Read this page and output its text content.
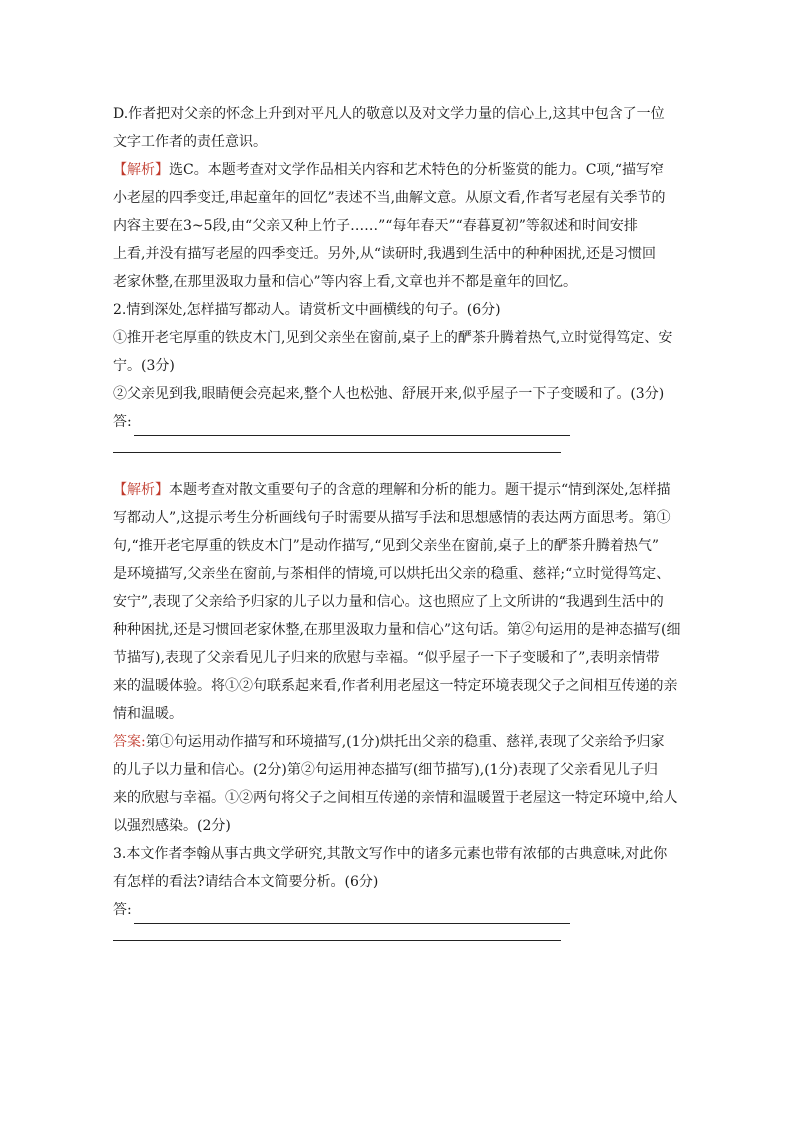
D.作者把对父亲的怀念上升到对平凡人的敬意以及对文学力量的信心上,这其中包含了一位
文字工作者的责任意识。
【解析】选C。本题考查对文学作品相关内容和艺术特色的分析鉴赏的能力。C项,“描写窄
小老屋的四季变迁,串起童年的回忆”表述不当,曲解文意。从原文看,作者写老屋有关季节的
内容主要在3~5段,由“父亲又种上竹子……”“每年春天”“春暮夏初”等叙述和时间安排
上看,并没有描写老屋的四季变迁。另外,从“读研时,我遇到生活中的种种困扰,还是习惯回
老家休整,在那里汲取力量和信心”等内容上看,文章也并不都是童年的回忆。
2.情到深处,怎样描写都动人。请赏析文中画横线的句子。(6分)
①推开老宅厚重的铁皮木门,见到父亲坐在窗前,桌子上的酽茶升腾着热气,立时觉得笃定、安
宁。(3分)
②父亲见到我,眼睛便会亮起来,整个人也松弛、舒展开来,似乎屋子一下子变暖和了。(3分)
答:
【解析】本题考查对散文重要句子的含意的理解和分析的能力。题干提示“情到深处,怎样描
写都动人”,这提示考生分析画线句子时需要从描写手法和思想感情的表达两方面思考。第①
句,“推开老宅厚重的铁皮木门”是动作描写,“见到父亲坐在窗前,桌子上的酽茶升腾着热气”
是环境描写,父亲坐在窗前,与茶相伴的情境,可以烘托出父亲的稳重、慈祥;“立时觉得笃定、
安宁”,表现了父亲给予归家的儿子以力量和信心。这也照应了上文所讲的“我遇到生活中的
种种困扰,还是习惯回老家休整,在那里汲取力量和信心”这句话。第②句运用的是神态描写(细
节描写),表现了父亲看见儿子归来的欣慰与幸福。“似乎屋子一下子变暖和了”,表明亲情带
来的温暖体验。将①②句联系起来看,作者利用老屋这一特定环境表现父子之间相互传递的亲
情和温暖。
答案:第①句运用动作描写和环境描写,(1分)烘托出父亲的稳重、慈祥,表现了父亲给予归家
的儿子以力量和信心。(2分)第②句运用神态描写(细节描写),(1分)表现了父亲看见儿子归
来的欣慰与幸福。①②两句将父子之间相互传递的亲情和温暖置于老屋这一特定环境中,给人
以强烈感染。(2分)
3.本文作者李翰从事古典文学研究,其散文写作中的诸多元素也带有浓郁的古典意味,对此你
有怎样的看法?请结合本文简要分析。(6分)
答:
